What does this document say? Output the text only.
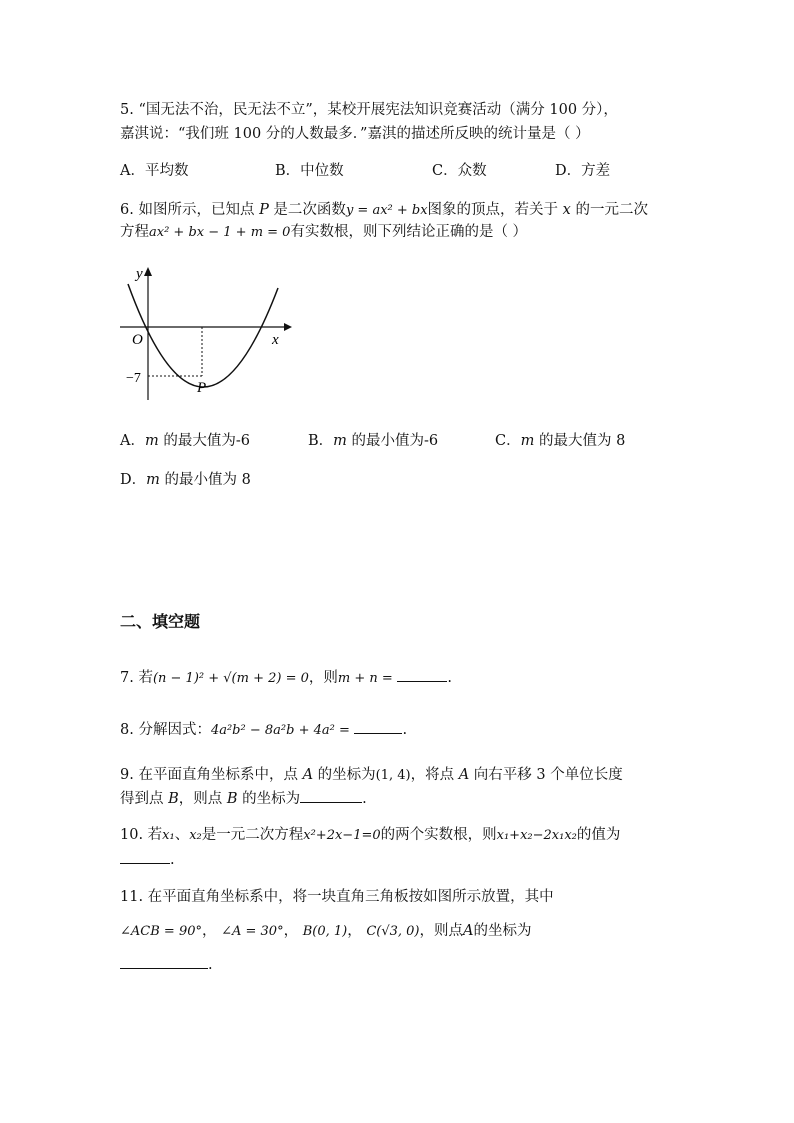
5. “国无法不治，民无法不立”，某校开展宪法知识竞赛活动（满分 100 分），
嘉淇说：“我们班 100 分的人数最多．”嘉淇的描述所反映的统计量是（ ）
A．平均数	B．中位数	C．众数	D．方差
6. 如图所示，已知点 P 是二次函数y = ax² + bx图象的顶点，若关于 x 的一元二次
方程ax² + bx − 1 + m = 0有实数根，则下列结论正确的是（ ）
y
x
O
P
−7
A．m 的最大值为-6	B．m 的最小值为-6	C．m 的最大值为 8
D．m 的最小值为 8
二、填空题
7. 若(n − 1)² + √(m + 2) = 0，则m + n =	.
8. 分解因式：4a²b² − 8a²b + 4a² =	.
9. 在平面直角坐标系中，点 A 的坐标为(1, 4)，将点 A 向右平移 3 个单位长度
得到点 B，则点 B 的坐标为	.
10. 若x₁、x₂是一元二次方程x²+2x−1=0的两个实数根，则x₁+x₂−2x₁x₂的值为
.
11. 在平面直角坐标系中，将一块直角三角板按如图所示放置，其中
∠ACB = 90°， ∠A = 30°， B(0, 1)， C(√3, 0)，则点A的坐标为
.
